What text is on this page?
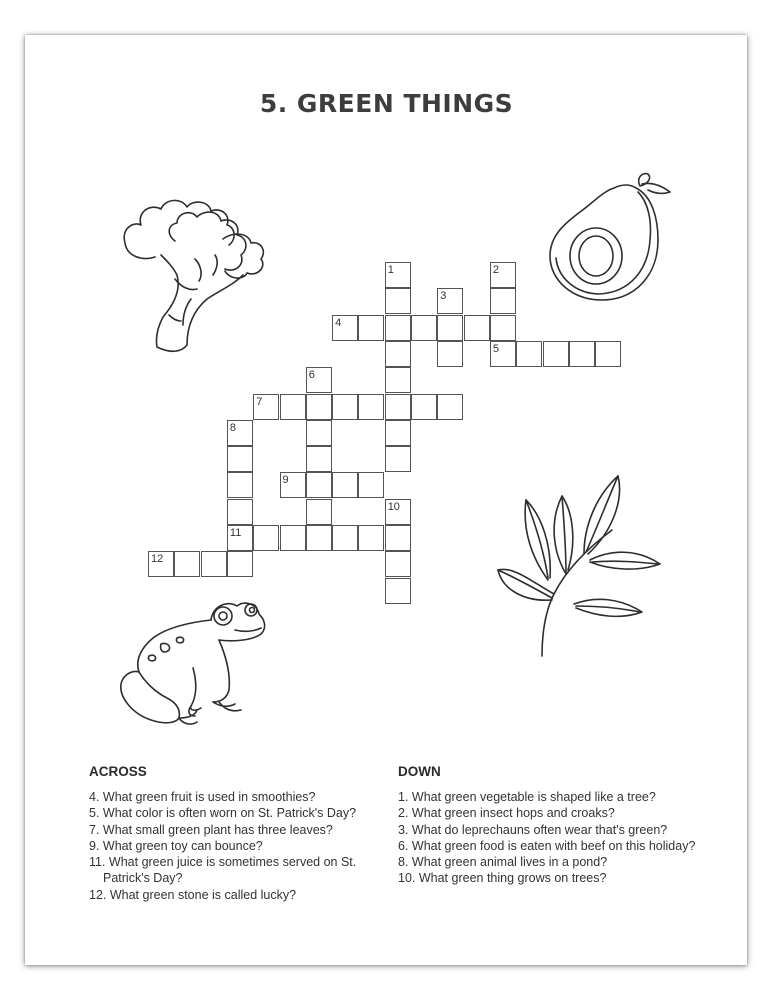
5. GREEN THINGS
1	2
3
4
5
6
7
8
9
10
11
12
ACROSS
4. What green fruit is used in smoothies?
5. What color is often worn on St. Patrick's Day?
7. What small green plant has three leaves?
9. What green toy can bounce?
11. What green juice is sometimes served on St. Patrick's Day?
12. What green stone is called lucky?
DOWN
1. What green vegetable is shaped like a tree?
2. What green insect hops and croaks?
3. What do leprechauns often wear that's green?
6. What green food is eaten with beef on this holiday?
8. What green animal lives in a pond?
10. What green thing grows on trees?
